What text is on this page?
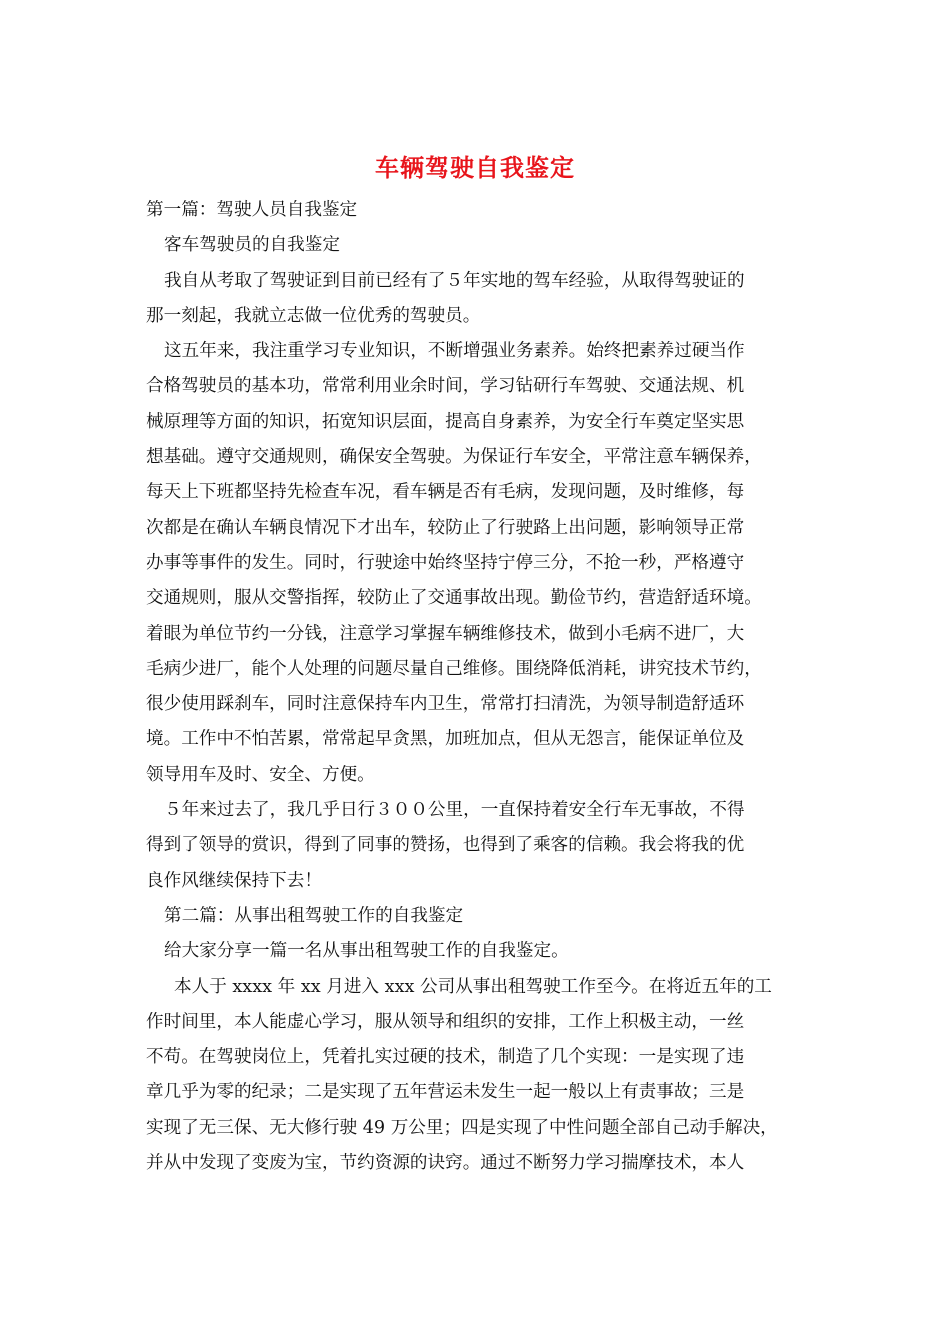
车辆驾驶自我鉴定
第一篇：驾驶人员自我鉴定
客车驾驶员的自我鉴定
我自从考取了驾驶证到目前已经有了５年实地的驾车经验，从取得驾驶证的
那一刻起，我就立志做一位优秀的驾驶员。
这五年来，我注重学习专业知识，不断增强业务素养。始终把素养过硬当作
合格驾驶员的基本功，常常利用业余时间，学习钻研行车驾驶、交通法规、机
械原理等方面的知识，拓宽知识层面，提高自身素养，为安全行车奠定坚实思
想基础。遵守交通规则，确保安全驾驶。为保证行车安全，平常注意车辆保养，
每天上下班都坚持先检查车况，看车辆是否有毛病，发现问题，及时维修，每
次都是在确认车辆良情况下才出车，较防止了行驶路上出问题，影响领导正常
办事等事件的发生。同时，行驶途中始终坚持宁停三分，不抢一秒，严格遵守
交通规则，服从交警指挥，较防止了交通事故出现。勤俭节约，营造舒适环境。
着眼为单位节约一分钱，注意学习掌握车辆维修技术，做到小毛病不进厂，大
毛病少进厂，能个人处理的问题尽量自己维修。围绕降低消耗，讲究技术节约，
很少使用踩刹车，同时注意保持车内卫生，常常打扫清洗，为领导制造舒适环
境。工作中不怕苦累，常常起早贪黑，加班加点，但从无怨言，能保证单位及
领导用车及时、安全、方便。
５年来过去了，我几乎日行３００公里，一直保持着安全行车无事故，不得
得到了领导的赏识，得到了同事的赞扬，也得到了乘客的信赖。我会将我的优
良作风继续保持下去！
第二篇：从事出租驾驶工作的自我鉴定
给大家分享一篇一名从事出租驾驶工作的自我鉴定。
本人于 xxxx 年 xx 月进入 xxx 公司从事出租驾驶工作至今。在将近五年的工
作时间里，本人能虚心学习，服从领导和组织的安排，工作上积极主动，一丝
不苟。在驾驶岗位上，凭着扎实过硬的技术，制造了几个实现：一是实现了违
章几乎为零的纪录；二是实现了五年营运未发生一起一般以上有责事故；三是
实现了无三保、无大修行驶 49 万公里；四是实现了中性问题全部自己动手解决，
并从中发现了变废为宝，节约资源的诀窍。通过不断努力学习揣摩技术，本人
